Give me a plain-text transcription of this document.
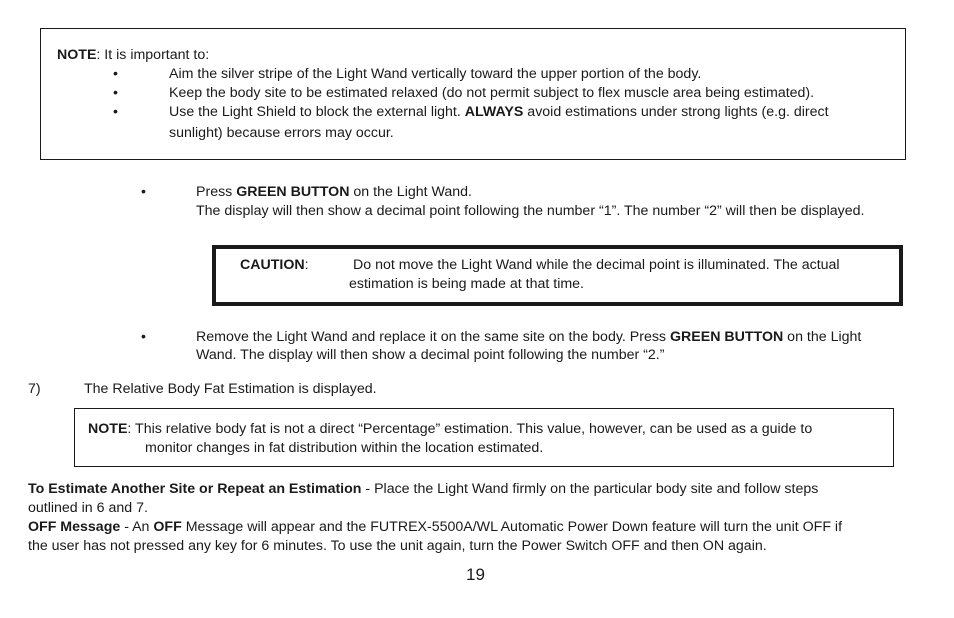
NOTE: It is important to:
•	Aim the silver stripe of the Light Wand vertically toward the upper portion of the body.
•	Keep the body site to be estimated relaxed (do not permit subject to flex muscle area being estimated).
•	Use the Light Shield to block the external light. ALWAYS avoid estimations under strong lights (e.g. direct
sunlight) because errors may occur.
•	Press GREEN BUTTON on the Light Wand.
The display will then show a decimal point following the number “1”. The number “2” will then be displayed.
CAUTION:	Do not move the Light Wand while the decimal point is illuminated. The actual
estimation is being made at that time.
•	Remove the Light Wand and replace it on the same site on the body. Press GREEN BUTTON on the Light
Wand. The display will then show a decimal point following the number “2.”
7)	The Relative Body Fat Estimation is displayed.
NOTE: This relative body fat is not a direct “Percentage” estimation. This value, however, can be used as a guide to
monitor changes in fat distribution within the location estimated.
To Estimate Another Site or Repeat an Estimation - Place the Light Wand firmly on the particular body site and follow steps
outlined in 6 and 7.
OFF Message - An OFF Message will appear and the FUTREX-5500A/WL Automatic Power Down feature will turn the unit OFF if
the user has not pressed any key for 6 minutes. To use the unit again, turn the Power Switch OFF and then ON again.
19
